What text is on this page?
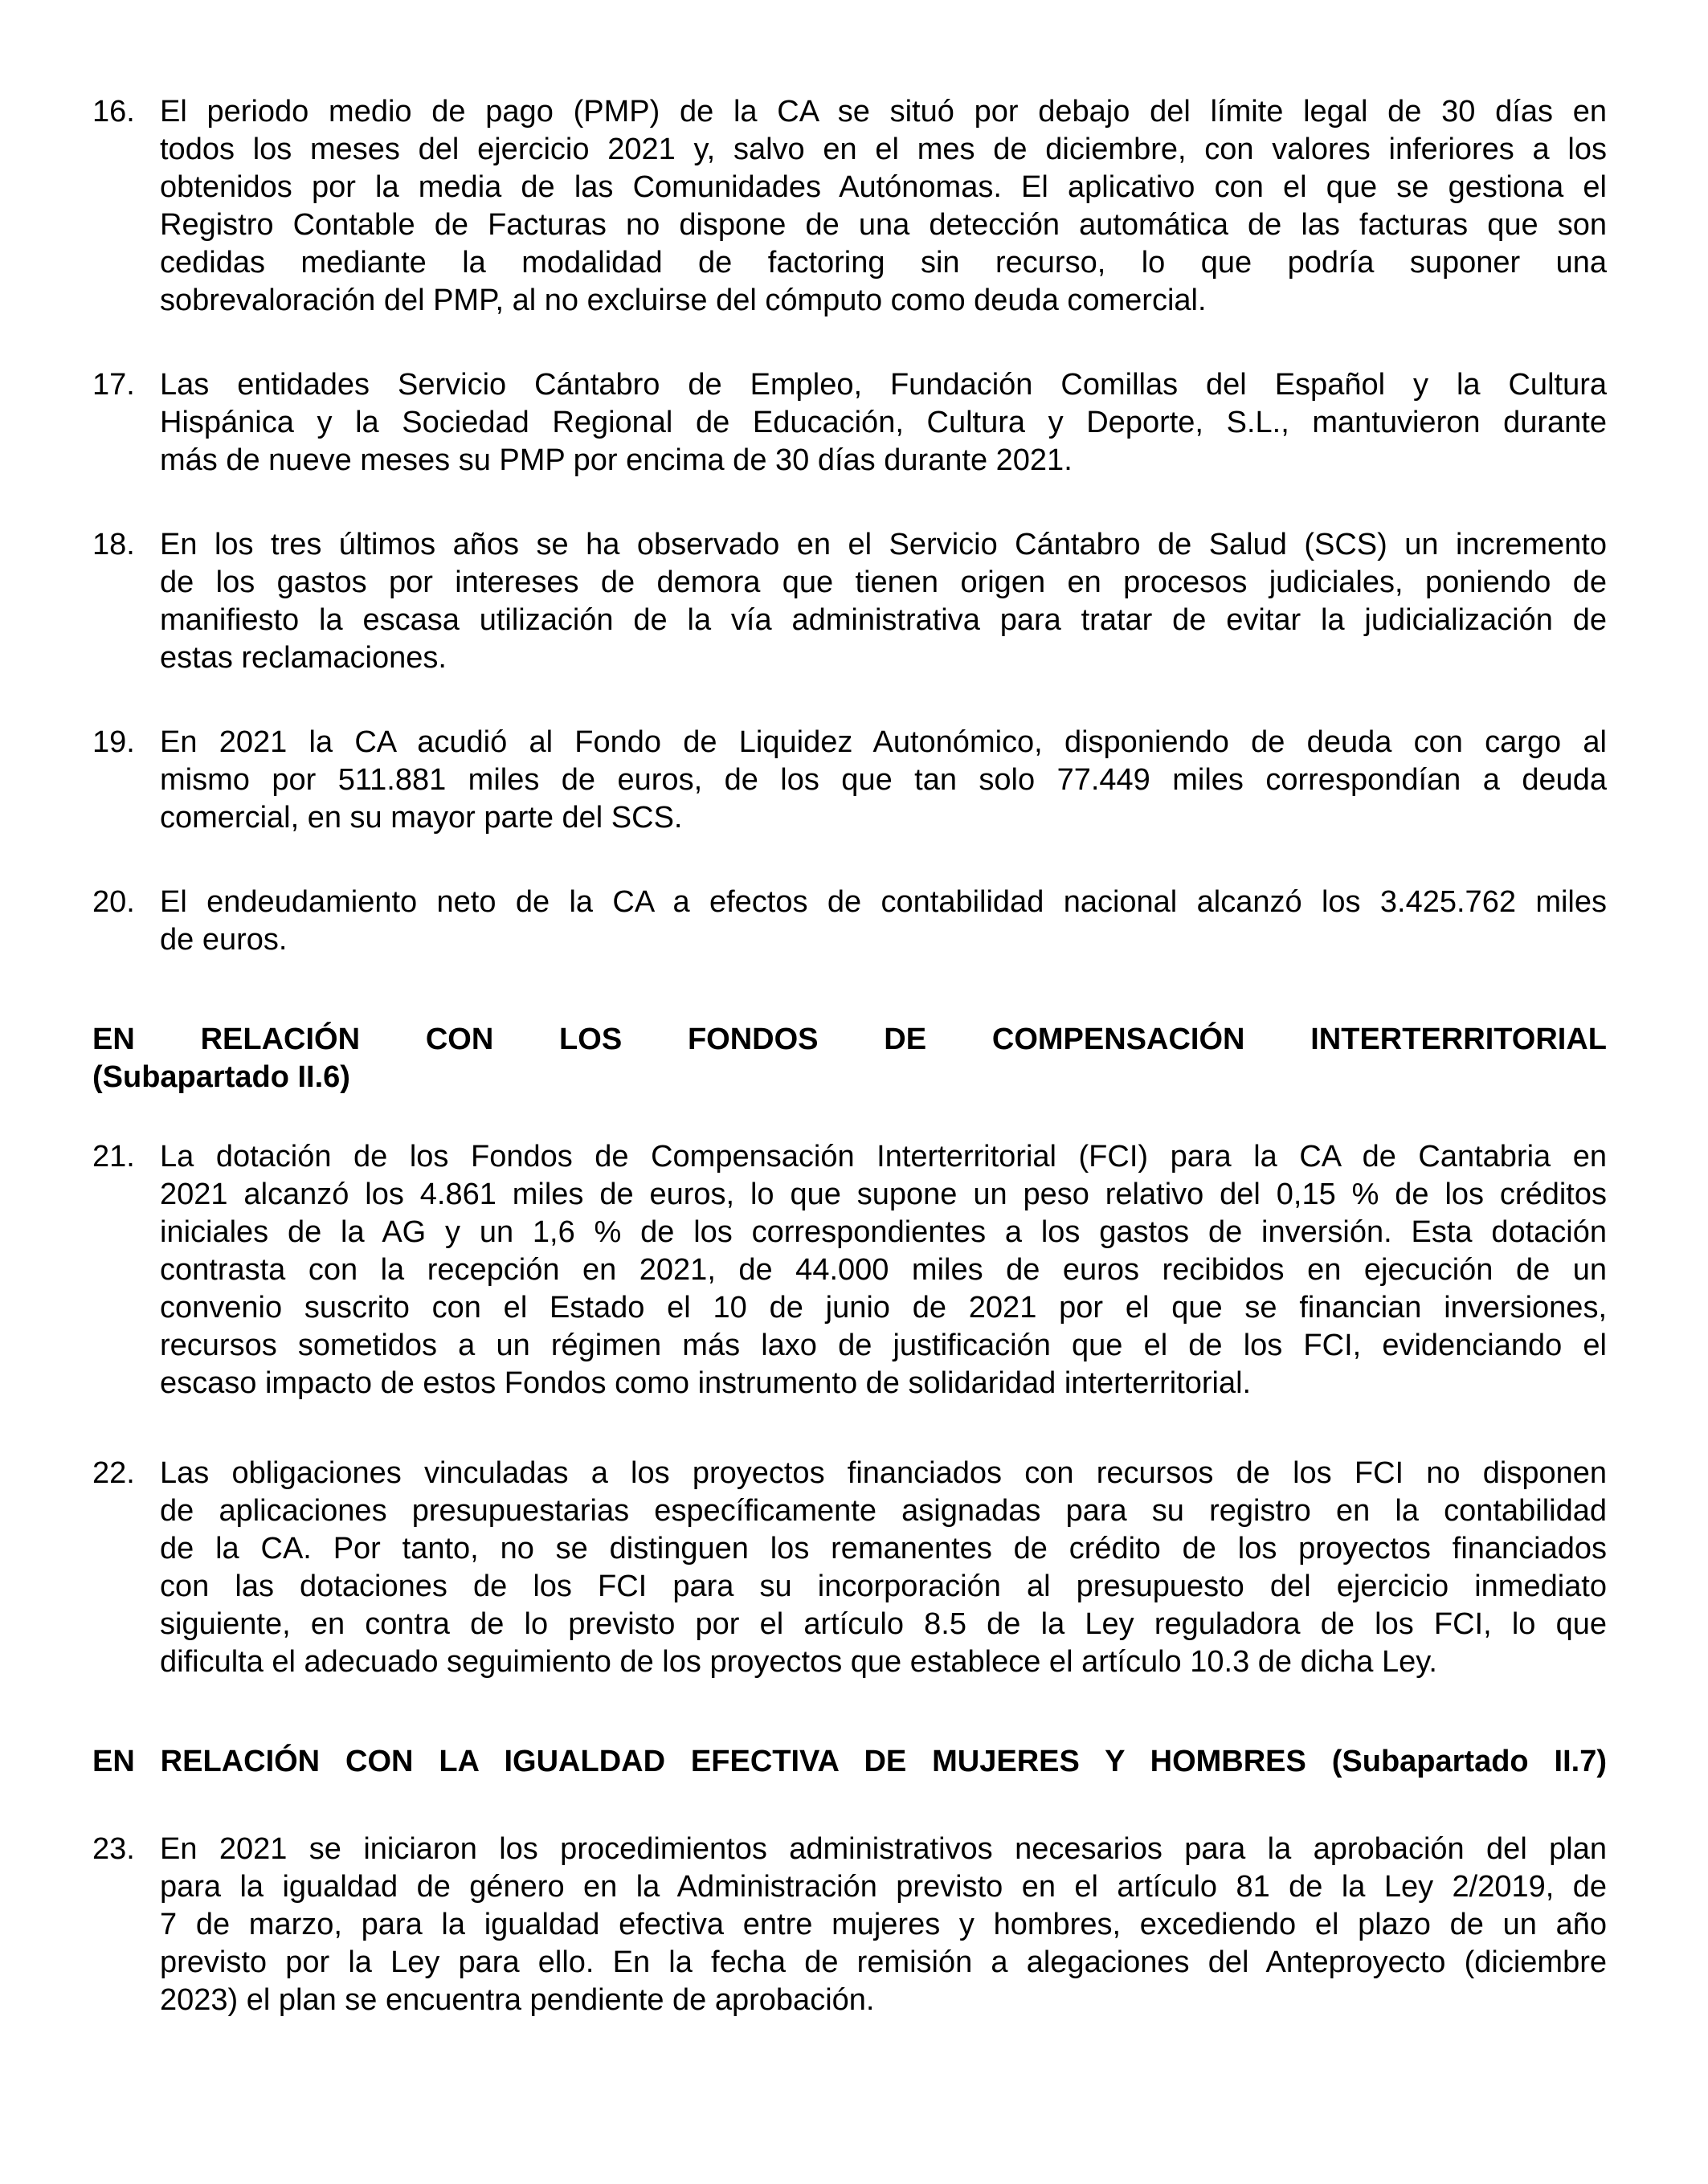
16. El periodo medio de pago (PMP) de la CA se situó por debajo del límite legal de 30 días en
todos los meses del ejercicio 2021 y, salvo en el mes de diciembre, con valores inferiores a los
obtenidos por la media de las Comunidades Autónomas. El aplicativo con el que se gestiona el
Registro Contable de Facturas no dispone de una detección automática de las facturas que son
cedidas mediante la modalidad de factoring sin recurso, lo que podría suponer una
sobrevaloración del PMP, al no excluirse del cómputo como deuda comercial.
17. Las entidades Servicio Cántabro de Empleo, Fundación Comillas del Español y la Cultura
Hispánica y la Sociedad Regional de Educación, Cultura y Deporte, S.L., mantuvieron durante
más de nueve meses su PMP por encima de 30 días durante 2021.
18. En los tres últimos años se ha observado en el Servicio Cántabro de Salud (SCS) un incremento
de los gastos por intereses de demora que tienen origen en procesos judiciales, poniendo de
manifiesto la escasa utilización de la vía administrativa para tratar de evitar la judicialización de
estas reclamaciones.
19. En 2021 la CA acudió al Fondo de Liquidez Autonómico, disponiendo de deuda con cargo al
mismo por 511.881 miles de euros, de los que tan solo 77.449 miles correspondían a deuda
comercial, en su mayor parte del SCS.
20. El endeudamiento neto de la CA a efectos de contabilidad nacional alcanzó los 3.425.762 miles
de euros.
EN RELACIÓN CON LOS FONDOS DE COMPENSACIÓN INTERTERRITORIAL
(Subapartado II.6)
21. La dotación de los Fondos de Compensación Interterritorial (FCI) para la CA de Cantabria en
2021 alcanzó los 4.861 miles de euros, lo que supone un peso relativo del 0,15 % de los créditos
iniciales de la AG y un 1,6 % de los correspondientes a los gastos de inversión. Esta dotación
contrasta con la recepción en 2021, de 44.000 miles de euros recibidos en ejecución de un
convenio suscrito con el Estado el 10 de junio de 2021 por el que se financian inversiones,
recursos sometidos a un régimen más laxo de justificación que el de los FCI, evidenciando el
escaso impacto de estos Fondos como instrumento de solidaridad interterritorial.
22. Las obligaciones vinculadas a los proyectos financiados con recursos de los FCI no disponen
de aplicaciones presupuestarias específicamente asignadas para su registro en la contabilidad
de la CA. Por tanto, no se distinguen los remanentes de crédito de los proyectos financiados
con las dotaciones de los FCI para su incorporación al presupuesto del ejercicio inmediato
siguiente, en contra de lo previsto por el artículo 8.5 de la Ley reguladora de los FCI, lo que
dificulta el adecuado seguimiento de los proyectos que establece el artículo 10.3 de dicha Ley.
EN RELACIÓN CON LA IGUALDAD EFECTIVA DE MUJERES Y HOMBRES (Subapartado II.7)
23. En 2021 se iniciaron los procedimientos administrativos necesarios para la aprobación del plan
para la igualdad de género en la Administración previsto en el artículo 81 de la Ley 2/2019, de
7 de marzo, para la igualdad efectiva entre mujeres y hombres, excediendo el plazo de un año
previsto por la Ley para ello. En la fecha de remisión a alegaciones del Anteproyecto (diciembre
2023) el plan se encuentra pendiente de aprobación.
